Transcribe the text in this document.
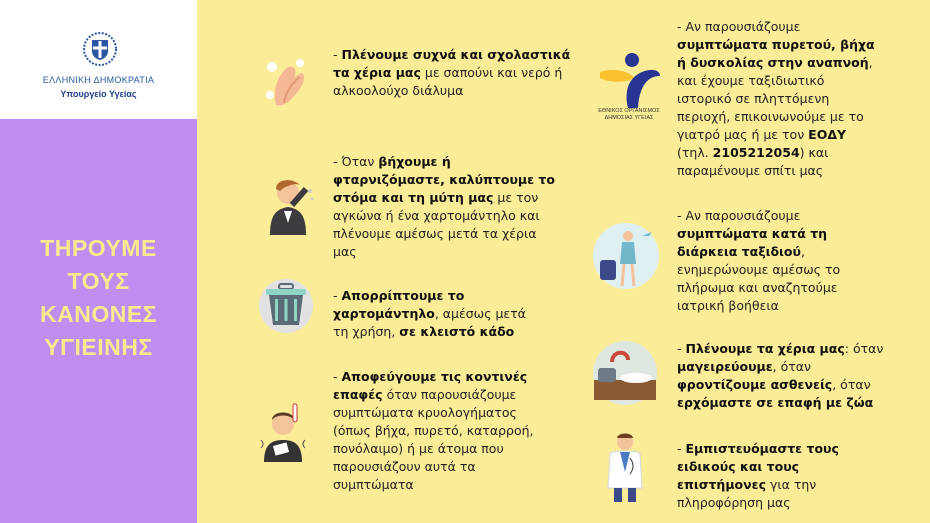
ΕΛΛΗΝΙΚΗ ΔΗΜΟΚΡΑΤΙΑ
Υπουργείο Υγείας
ΤΗΡΟΥΜΕ
ΤΟΥΣ
ΚΑΝΟΝΕΣ
ΥΓΙΕΙΝΗΣ
ΕΘΝΙΚΟΣ ΟΡΓΑΝΙΣΜΟΣ
ΔΗΜΟΣΙΑΣ ΥΓΕΙΑΣ
- Πλένουμε συχνά και σχολαστικά τα χέρια μας με σαπούνι και νερό ή αλκοολούχο διάλυμα
- Όταν βήχουμε ή φταρνιζόμαστε, καλύπτουμε το στόμα και τη μύτη μας με τον αγκώνα ή ένα χαρτομάντηλο και πλένουμε αμέσως μετά τα χέρια μας
- Απορρίπτουμε το χαρτομάντηλο, αμέσως μετά τη χρήση, σε κλειστό κάδο
- Αποφεύγουμε τις κοντινές επαφές όταν παρουσιάζουμε συμπτώματα κρυολογήματος (όπως βήχα, πυρετό, καταρροή, πονόλαιμο) ή με άτομα που παρουσιάζουν αυτά τα συμπτώματα
- Αν παρουσιάζουμε συμπτώματα πυρετού, βήχα ή δυσκολίας στην αναπνοή, και έχουμε ταξιδιωτικό ιστορικό σε πληττόμενη περιοχή, επικοινωνούμε με το γιατρό μας ή με τον ΕΟΔΥ (τηλ. 2105212054) και παραμένουμε σπίτι μας
- Αν παρουσιάζουμε συμπτώματα κατά τη διάρκεια ταξιδιού, ενημερώνουμε αμέσως το πλήρωμα και αναζητούμε ιατρική βοήθεια
- Πλένουμε τα χέρια μας: όταν μαγειρεύουμε, όταν φροντίζουμε ασθενείς, όταν ερχόμαστε σε επαφή με ζώα
- Εμπιστευόμαστε τους ειδικούς και τους επιστήμονες για την πληροφόρηση μας
